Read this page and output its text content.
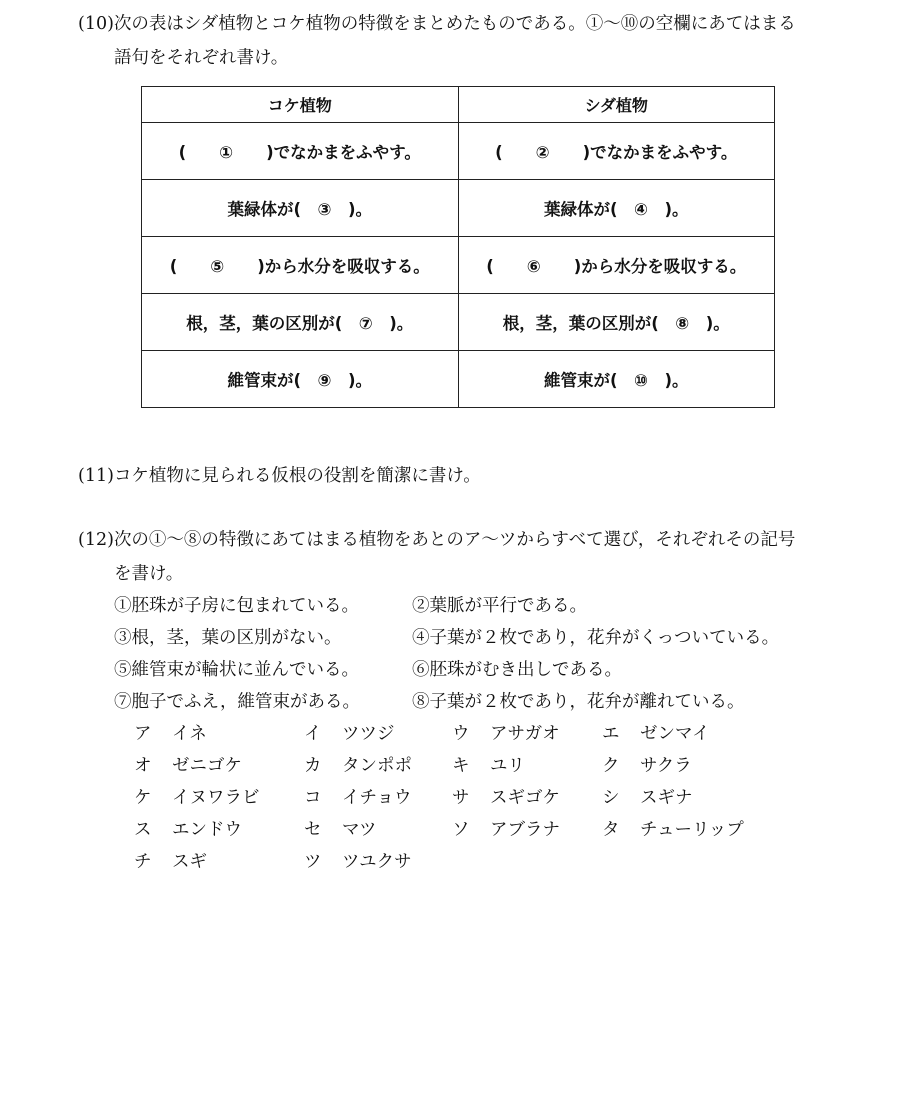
(10)次の表はシダ植物とコケ植物の特徴をまとめたものである。①～⑩の空欄にあてはまる
語句をそれぞれ書け。
コケ植物	シダ植物
(　　①　　)でなかまをふやす。	(　　②　　)でなかまをふやす。
葉緑体が(　③　)。	葉緑体が(　④　)。
(　　⑤　　)から水分を吸収する。	(　　⑥　　)から水分を吸収する。
根，茎，葉の区別が(　⑦　)。	根，茎，葉の区別が(　⑧　)。
維管束が(　⑨　)。	維管束が(　⑩　)。
(11)コケ植物に見られる仮根の役割を簡潔に書け。
(12)次の①～⑧の特徴にあてはまる植物をあとのア～ツからすべて選び，それぞれその記号
を書け。
①胚珠が子房に包まれている。	②葉脈が平行である。
③根，茎，葉の区別がない。	④子葉が２枚であり，花弁がくっついている。
⑤維管束が輪状に並んでいる。	⑥胚珠がむき出しである。
⑦胞子でふえ，維管束がある。	⑧子葉が２枚であり，花弁が離れている。
ア イネ	イ ツツジ	ウ アサガオ エ ゼンマイ
オ ゼニゴケ	カ タンポポ キ ユリ	ク サクラ
ケ イヌワラビ	コ イチョウ サ スギゴケ シ スギナ
ス エンドウ	セ マツ	ソ アブラナ タ チューリップ
チ スギ	ツ ツユクサ
